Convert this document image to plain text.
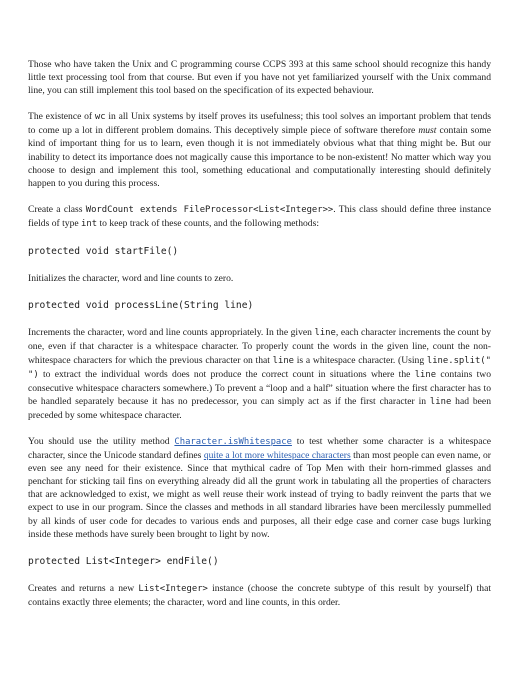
Those who have taken the Unix and C programming course CCPS 393 at this same school should recognize this handy little text processing tool from that course. But even if you have not yet familiarized yourself with the Unix command line, you can still implement this tool based on the specification of its expected behaviour.

The existence of wc in all Unix systems by itself proves its usefulness; this tool solves an important problem that tends to come up a lot in different problem domains. This deceptively simple piece of software therefore must contain some kind of important thing for us to learn, even though it is not immediately obvious what that thing might be. But our inability to detect its importance does not magically cause this importance to be non-existent! No matter which way you choose to design and implement this tool, something educational and computationally interesting should definitely happen to you during this process.

Create a class WordCount extends FileProcessor<List<Integer>>. This class should define three instance fields of type int to keep track of these counts, and the following methods:

protected void startFile()

Initializes the character, word and line counts to zero.

protected void processLine(String line)

Increments the character, word and line counts appropriately. In the given line, each character increments the count by one, even if that character is a whitespace character. To properly count the words in the given line, count the non-whitespace characters for which the previous character on that line is a whitespace character. (Using line.split(" ") to extract the individual words does not produce the correct count in situations where the line contains two consecutive whitespace characters somewhere.) To prevent a “loop and a half” situation where the first character has to be handled separately because it has no predecessor, you can simply act as if the first character in line had been preceded by some whitespace character.

You should use the utility method Character.isWhitespace to test whether some character is a whitespace character, since the Unicode standard defines quite a lot more whitespace characters than most people can even name, or even see any need for their existence. Since that mythical cadre of Top Men with their horn-rimmed glasses and penchant for sticking tail fins on everything already did all the grunt work in tabulating all the properties of characters that are acknowledged to exist, we might as well reuse their work instead of trying to badly reinvent the parts that we expect to use in our program. Since the classes and methods in all standard libraries have been mercilessly pummelled by all kinds of user code for decades to various ends and purposes, all their edge case and corner case bugs lurking inside these methods have surely been brought to light by now.

protected List<Integer> endFile()

Creates and returns a new List<Integer> instance (choose the concrete subtype of this result by yourself) that contains exactly three elements; the character, word and line counts, in this order.
